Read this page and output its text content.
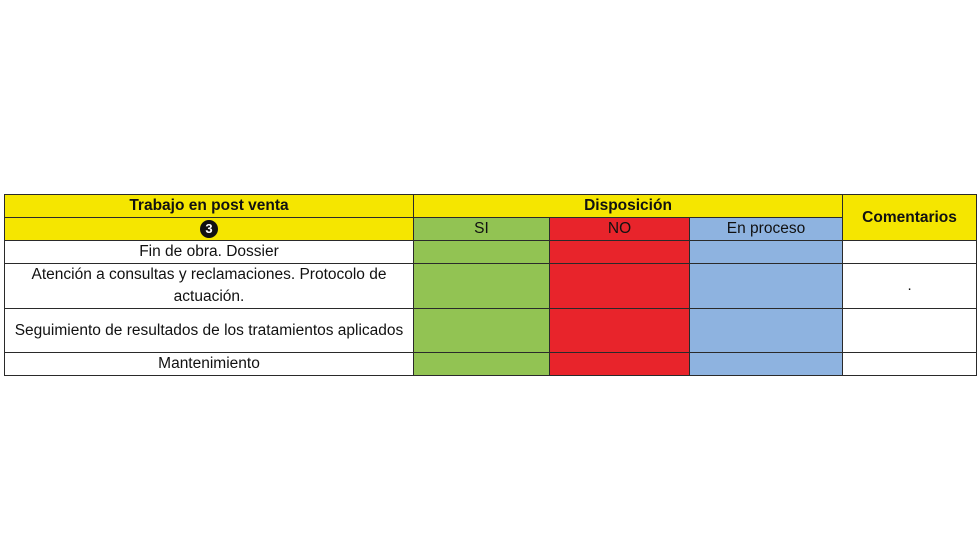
Trabajo en post venta	Disposición			Comentarios
3	SI	NO	En proceso	
Fin de obra. Dossier				
Atención a consultas y reclamaciones. Protocolo de actuación.				.
Seguimiento de resultados de los tratamientos aplicados				
Mantenimiento				
